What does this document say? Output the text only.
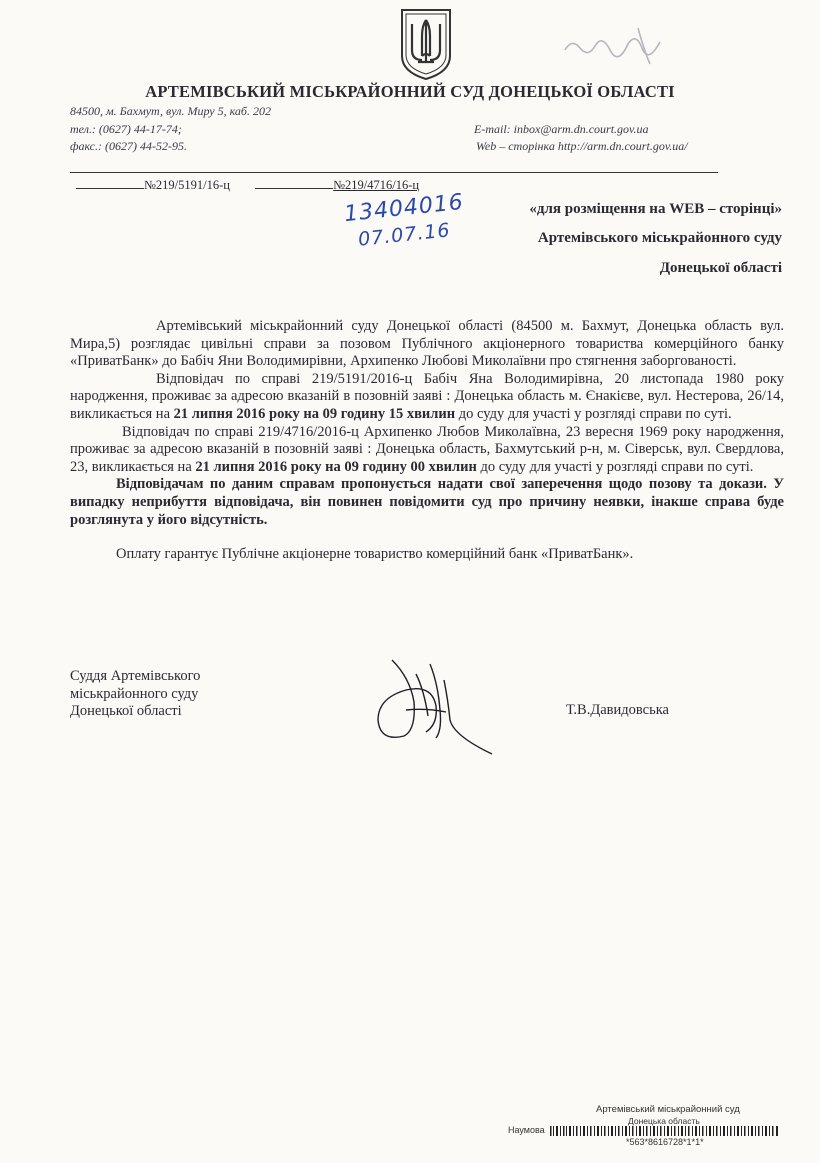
АРТЕМІВСЬКИЙ МІСЬКРАЙОННИЙ СУД ДОНЕЦЬКОЇ ОБЛАСТІ
84500, м. Бахмут, вул. Миру 5, каб. 202
тел.: (0627) 44-17-74;
факс.: (0627) 44-52-95.
E-mail: inbox@arm.dn.court.gov.ua
Web – сторінка http://arm.dn.court.gov.ua/
№219/5191/16-ц	№219/4716/16-ц
13404016
07.07.16
«для розміщення на WEB – сторінці»
Артемівського міськрайонного суду
Донецької області

Артемівський міськрайонний суду Донецької області (84500 м. Бахмут, Донецька область вул. Мира,5) розглядає цивільні справи за позовом Публічного акціонерного товариства комерційного банку «ПриватБанк» до Бабіч Яни Володимирівни, Архипенко Любові Миколаївни про стягнення заборгованості.

Відповідач по справі 219/5191/2016-ц Бабіч Яна Володимирівна, 20 листопада 1980 року народження, проживає за адресою вказаній в позовній заяві : Донецька область м. Єнакієве, вул. Нестерова, 26/14, викликається на 21 липня 2016 року на 09 годину 15 хвилин до суду для участі у розгляді справи по суті.

Відповідач по справі 219/4716/2016-ц Архипенко Любов Миколаївна, 23 вересня 1969 року народження, проживає за адресою вказаній в позовній заяві : Донецька область, Бахмутський р-н, м. Сіверськ, вул. Свердлова, 23, викликається на 21 липня 2016 року на 09 годину 00 хвилин до суду для участі у розгляді справи по суті.

Відповідачам по даним справам пропонується надати свої заперечення щодо позову та докази. У випадку неприбуття відповідача, він повинен повідомити суд про причину неявки, інакше справа буде розглянута у його відсутність.

Оплату гарантує Публічне акціонерне товариство комерційний банк «ПриватБанк».

Суддя Артемівського
міськрайонного суду
Донецької області	Т.В.Давидовська
Артемівський міськрайонний суд
Донецька область
Наумова
*563*8616728*1*1*
